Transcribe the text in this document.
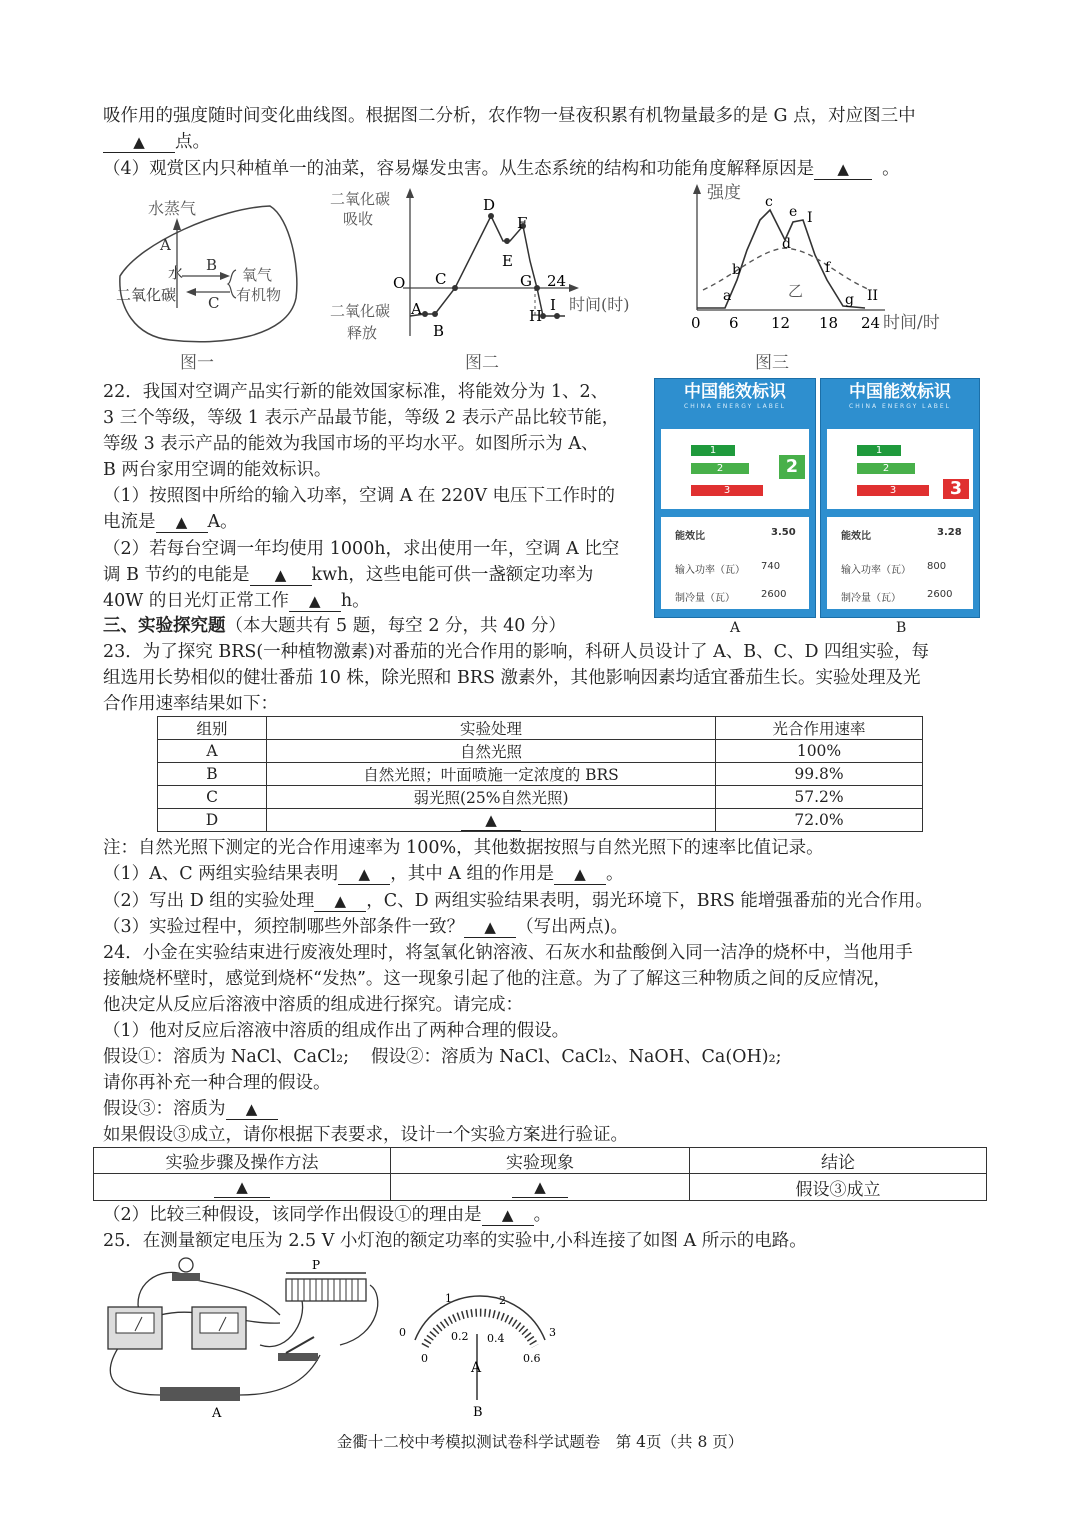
吸作用的强度随时间变化曲线图。根据图二分析，农作物一昼夜积累有机物量最多的是 G 点，对应图三中
▲ 点。
（4）观赏区内只种植单一的油菜，容易爆发虫害。从生态系统的结构和功能角度解释原因是 ▲ 。
水蒸气
A
水
二氧化碳
B
C
氧气
有机物
图一
二氧化碳
吸收
二氧化碳
释放
O
A
B
C
D
E
F
G
H
I
24
时间(时)
图二
强度
a
b
c
d
e I
f
g II
乙
0 6 12 18 24 时间/时
图三
22．我国对空调产品实行新的能效国家标准，将能效分为 1、2、
3 三个等级，等级 1 表示产品最节能，等级 2 表示产品比较节能，
等级 3 表示产品的能效为我国市场的平均水平。如图所示为 A、
B 两台家用空调的能效标识。
（1）按照图中所给的输入功率，空调 A 在 220V 电压下工作时的
电流是 ▲ A。
（2）若每台空调一年均使用 1000h，求出使用一年，空调 A 比空
调 B 节约的电能是 ▲ kwh，这些电能可供一盏额定功率为
40W 的日光灯正常工作 ▲ h。
中国能效标识
CHINA ENERGY LABEL
1
2
3
2
能效比	3.50
输入功率（瓦） 740
制冷量（瓦）	2600
A
中国能效标识
CHINA ENERGY LABEL
1
2
3	3
能效比	3.28
输入功率（瓦） 800
制冷量（瓦）	2600
B
三、实验探究题（本大题共有 5 题，每空 2 分，共 40 分）
23．为了探究 BRS(一种植物激素)对番茄的光合作用的影响，科研人员设计了 A、B、C、D 四组实验，每
组选用长势相似的健壮番茄 10 株，除光照和 BRS 激素外，其他影响因素均适宜番茄生长。实验处理及光
合作用速率结果如下：
组别	实验处理	光合作用速率
A	自然光照	100%
B	自然光照；叶面喷施一定浓度的 BRS	99.8%
C	弱光照(25%自然光照)	57.2%
D	▲	72.0%
注：自然光照下测定的光合作用速率为 100%，其他数据按照与自然光照下的速率比值记录。
（1）A、C 两组实验结果表明 ▲ ，其中 A 组的作用是 ▲ 。
（2）写出 D 组的实验处理 ▲ ，C、D 两组实验结果表明，弱光环境下，BRS 能增强番茄的光合作用。
（3）实验过程中，须控制哪些外部条件一致？ ▲ （写出两点)。
24．小金在实验结束进行废液处理时，将氢氧化钠溶液、石灰水和盐酸倒入同一洁净的烧杯中，当他用手
接触烧杯壁时，感觉到烧杯“发热”。这一现象引起了他的注意。为了了解这三种物质之间的反应情况，
他决定从反应后溶液中溶质的组成进行探究。请完成：
（1）他对反应后溶液中溶质的组成作出了两种合理的假设。
假设①：溶质为 NaCl、CaCl₂; 假设②：溶质为 NaCl、CaCl₂、NaOH、Ca(OH)₂;
请你再补充一种合理的假设。
假设③：溶质为 ▲
如果假设③成立，请你根据下表要求，设计一个实验方案进行验证。
实验步骤及操作方法	实验现象	结论
▲	▲	假设③成立
（2）比较三种假设，该同学作出假设①的理由是 ▲ 。
25．在测量额定电压为 2.5 V 小灯泡的额定功率的实验中,小科连接了如图 A 所示的电路。
P
A
0
1	2
3
0
0.2 0.4
0.6
A
B
金衢十二校中考模拟测试卷科学试题卷　第 4页（共 8 页）
